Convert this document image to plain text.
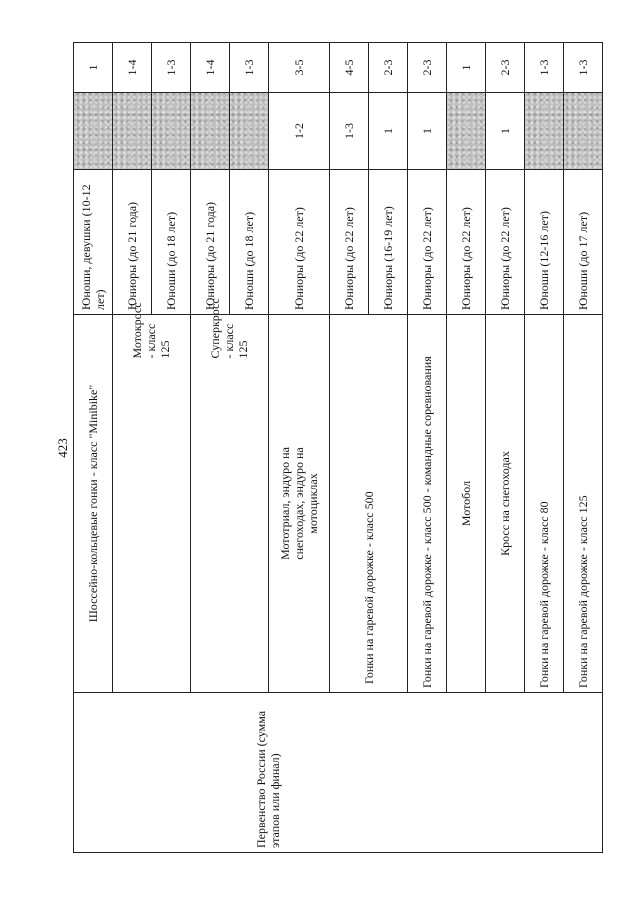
423
Первенство России (сумма этапов или финал)	Шоссейно-кольцевые гонки - класс "Minibike"		Юноши, девушки (10-12 лет)		1
		Мотокросс - класс 125	Юниоры (до 21 года)		1-4
			Юноши (до 18 лет)		1-3
		Суперкросс - класс 125	Юниоры (до 21 года)		1-4
			Юноши (до 18 лет)		1-3
	Мототриал, эндуро на снегоходах, эндуро на мотоциклах		Юниоры (до 22 лет)	1-2	3-5
	Гонки на гаревой дорожке - класс 500		Юниоры (до 22 лет)	1-3	4-5
			Юниоры (16-19 лет)	1	2-3
	Гонки на гаревой дорожке - класс 500 - командные соревнования		Юниоры (до 22 лет)	1	2-3
	Мотобол		Юниоры (до 22 лет)		1
	Кросс на снегоходах		Юниоры (до 22 лет)	1	2-3
	Гонки на гаревой дорожке - класс 80		Юноши (12-16 лет)		1-3
	Гонки на гаревой дорожке - класс 125		Юноши (до 17 лет)		1-3
